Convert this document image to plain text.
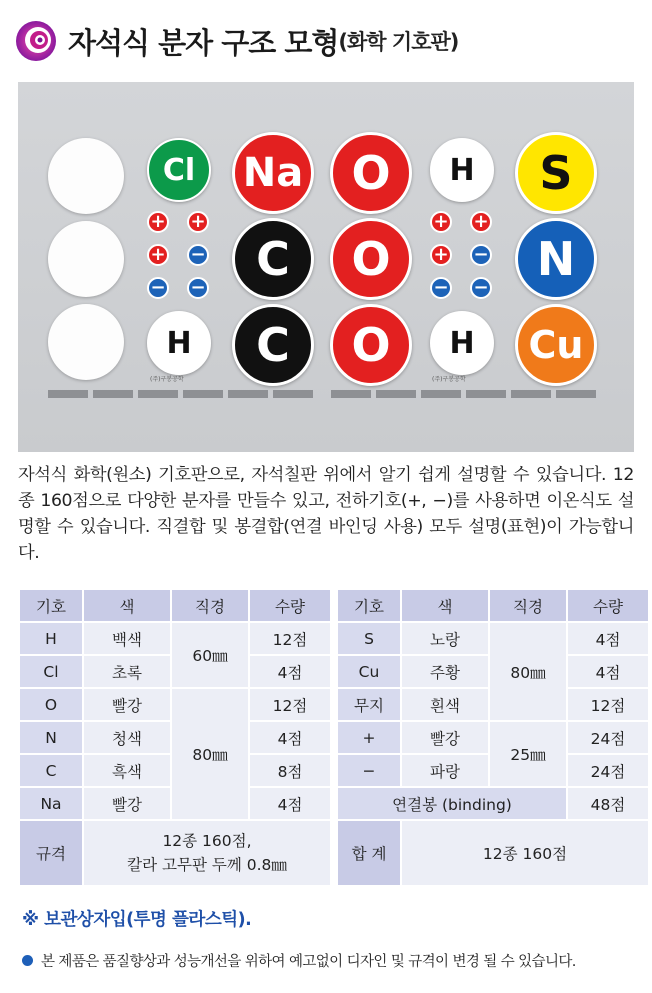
자석식 분자 구조 모형 (화학 기호판)
Cl
+ +
+ −
− −
H
Na
C
C
O
O
O
H
+ +
+ −
− −
H
S
N
Cu
(주)구봉공학	(주)구봉공학
자석식 화학(원소) 기호판으로, 자석칠판 위에서 알기 쉽게 설명할 수 있습니다. 12종 160점으로 다양한 분자를 만들수 있고, 전하기호(+, −)를 사용하면 이온식도 설명할 수 있습니다. 직결합 및 봉결합(연결 바인딩 사용) 모두 설명(표현)이 가능합니다.
기호	색	직경	수량		기호	색	직경	수량
H	백색	60㎜	12점		S	노랑	80㎜	4점
Cl	초록		4점		Cu	주황		4점
O	빨강	80㎜	12점		무지	흰색		12점
N	청색		4점		+	빨강	25㎜	24점
C	흑색		8점		−	파랑		24점
Na	빨강		4점		연결봉 (binding)			48점
규격	12종 160점,
칼라 고무판 두께 0.8㎜				합 계	12종 160점		
※ 보관상자입(투명 플라스틱).
본 제품은 품질향상과 성능개선을 위하여 예고없이 디자인 및 규격이 변경 될 수 있습니다.
